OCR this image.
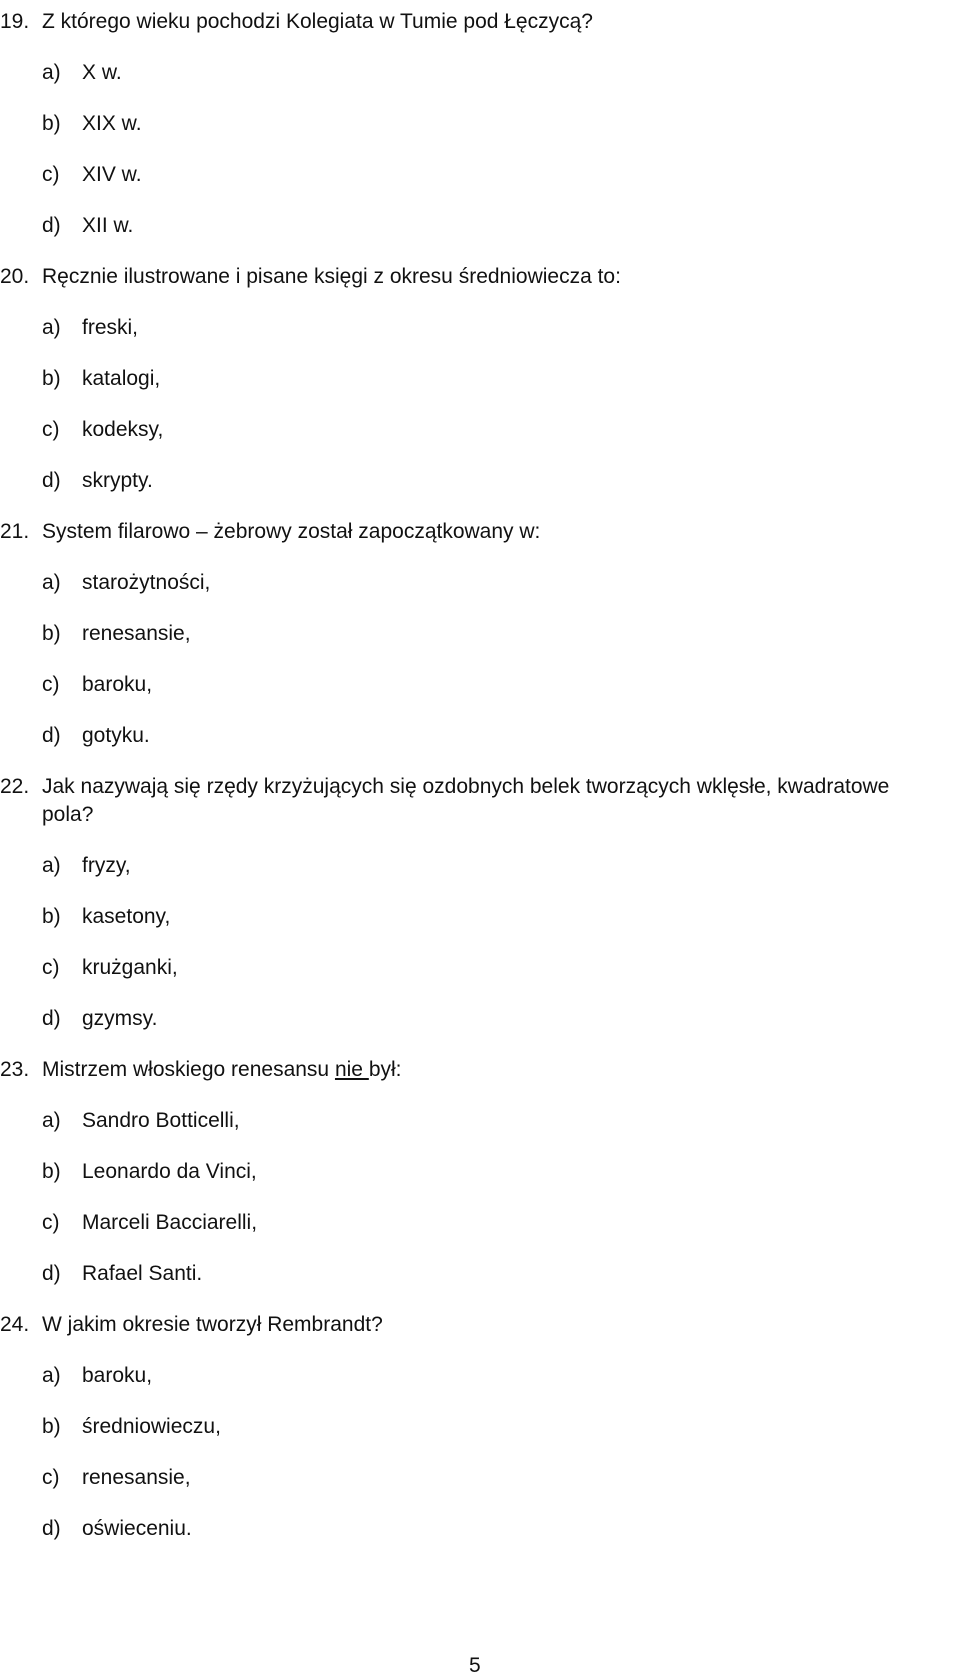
19. Z którego wieku pochodzi Kolegiata w Tumie pod Łęczycą?
a) X w.
b) XIX w.
c) XIV w.
d) XII w.
20. Ręcznie ilustrowane i pisane księgi z okresu średniowiecza to:
a) freski,
b) katalogi,
c) kodeksy,
d) skrypty.
21. System filarowo – żebrowy został zapoczątkowany w:
a) starożytności,
b) renesansie,
c) baroku,
d) gotyku.
22. Jak nazywają się rzędy krzyżujących się ozdobnych belek tworzących wklęsłe, kwadratowe
pola?
a) fryzy,
b) kasetony,
c) krużganki,
d) gzymsy.
23. Mistrzem włoskiego renesansu nie był:
a) Sandro Botticelli,
b) Leonardo da Vinci,
c) Marceli Bacciarelli,
d) Rafael Santi.
24. W jakim okresie tworzył Rembrandt?
a) baroku,
b) średniowieczu,
c) renesansie,
d) oświeceniu.
5
